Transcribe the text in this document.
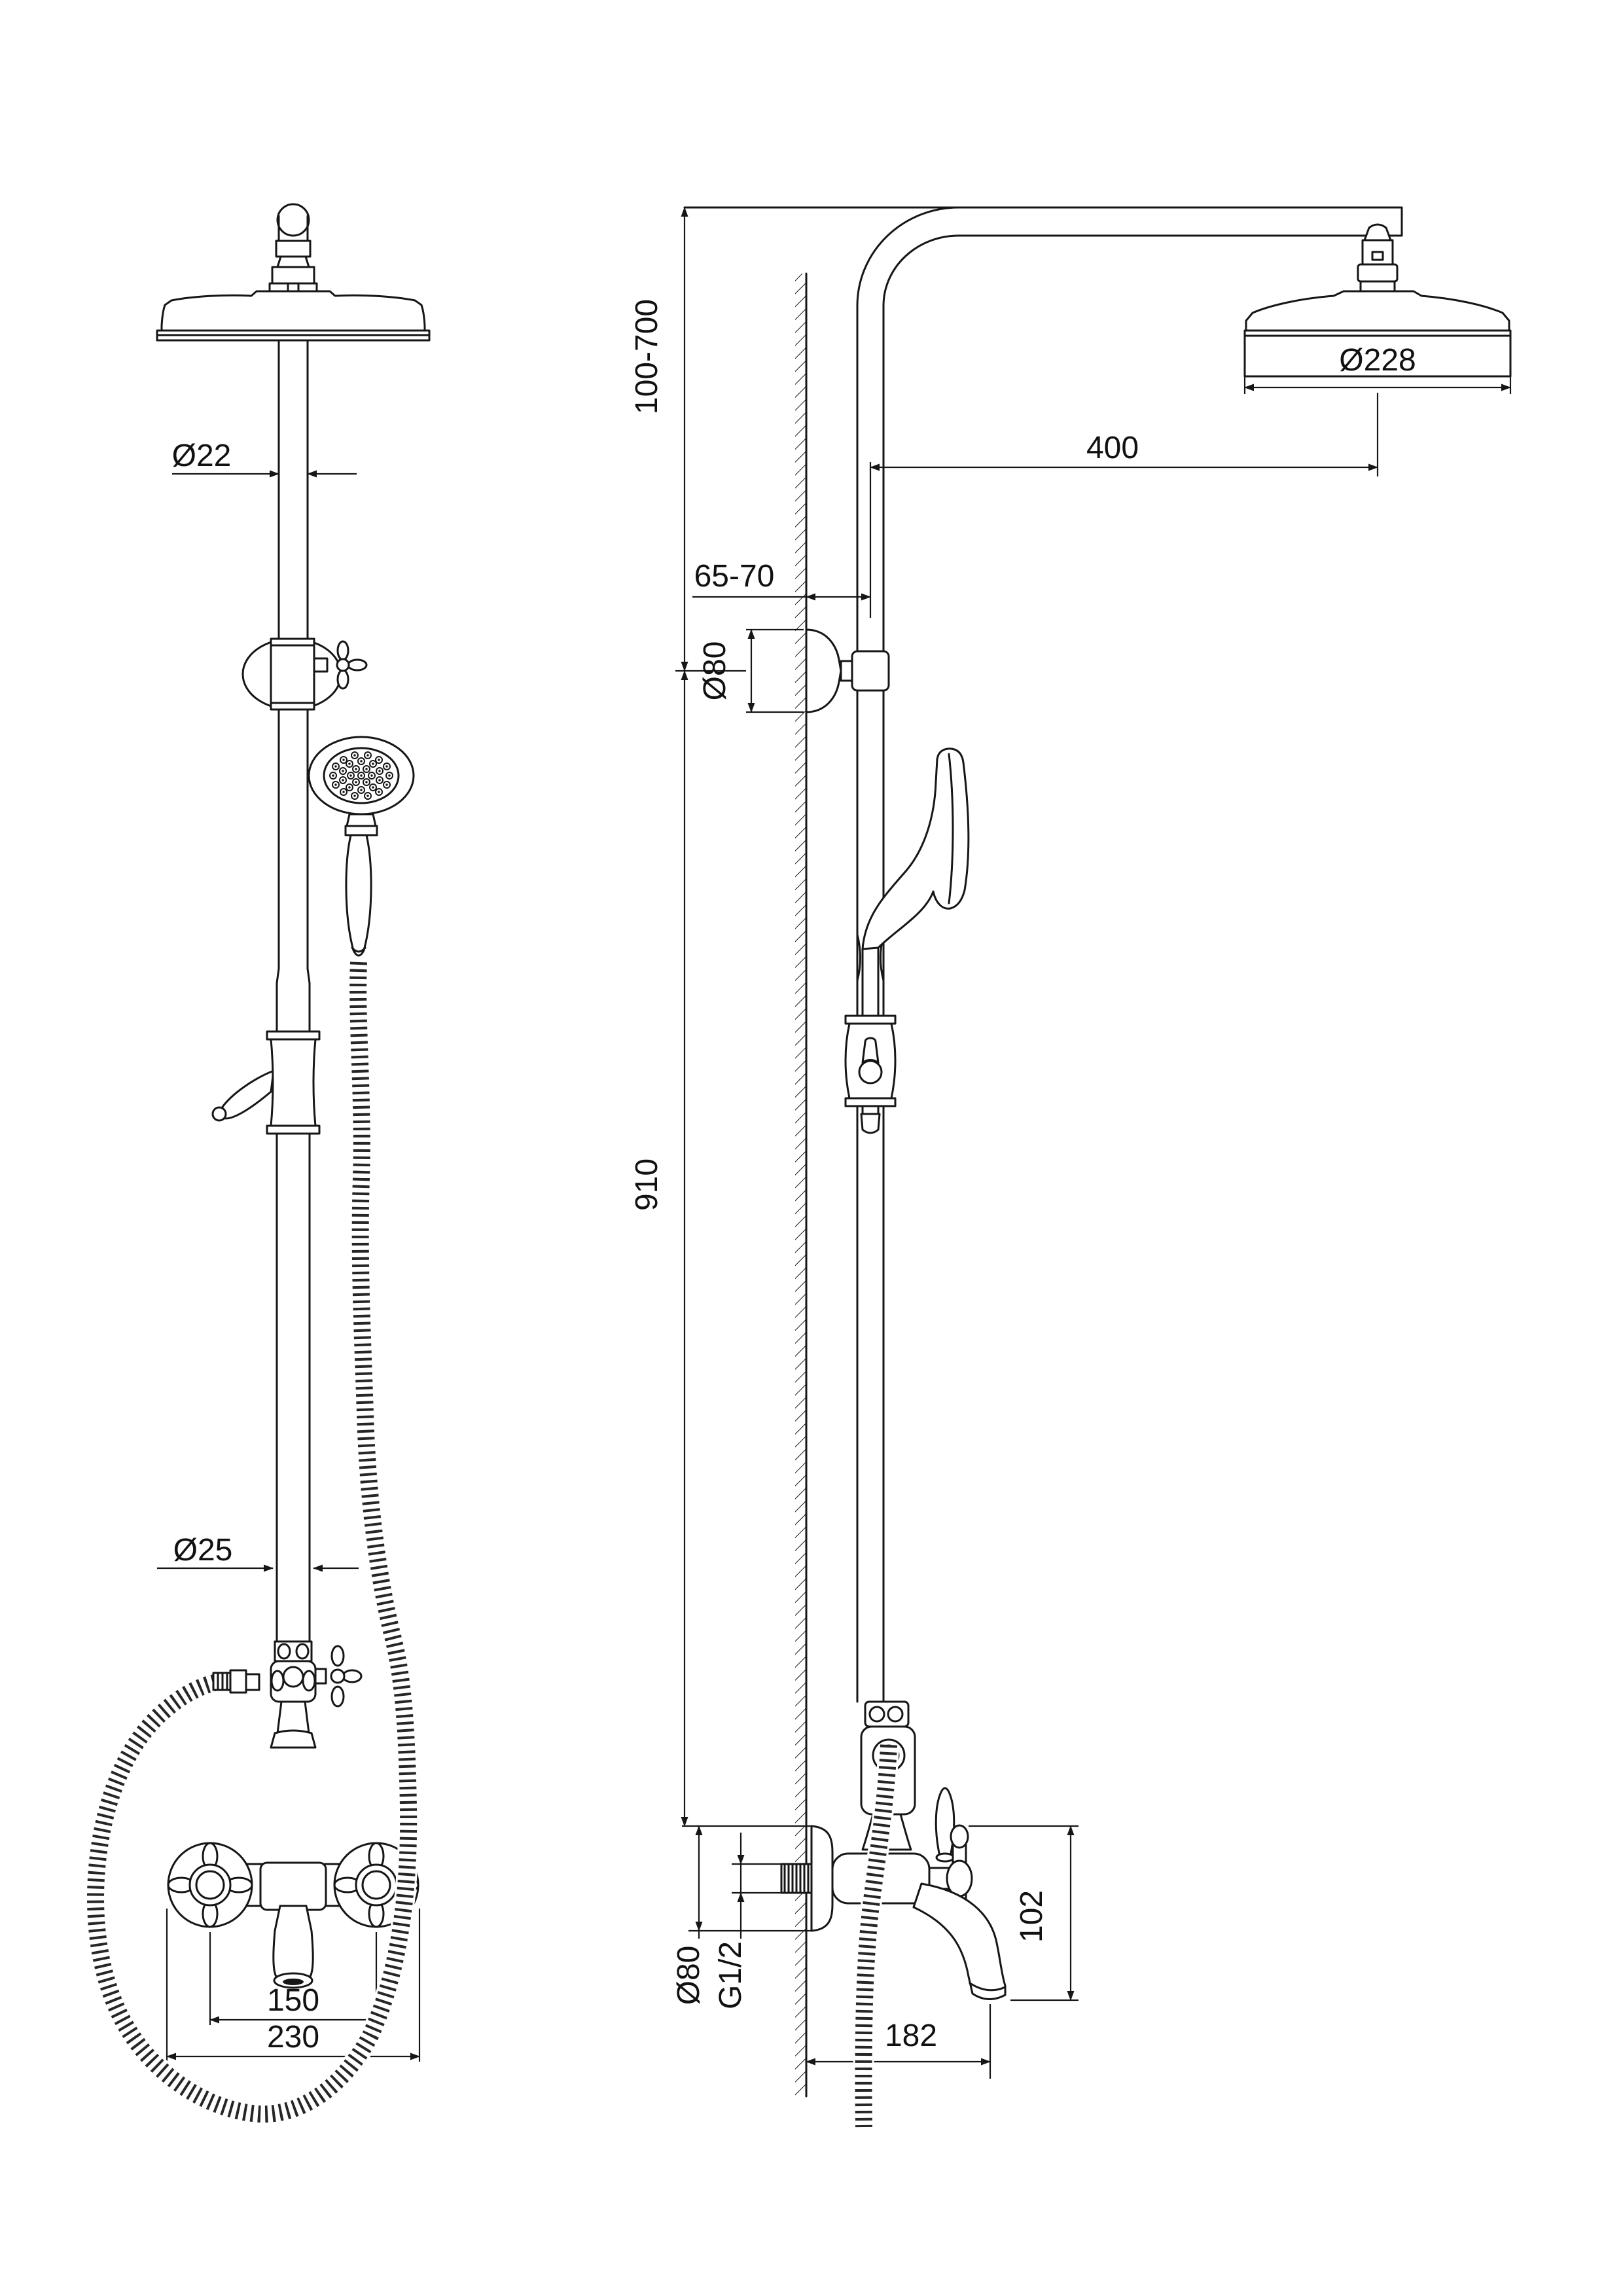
Ø22
Ø25
150
230
Ø228
400
100-700
65-70
Ø80
910
Ø80 G1/2
102
182
